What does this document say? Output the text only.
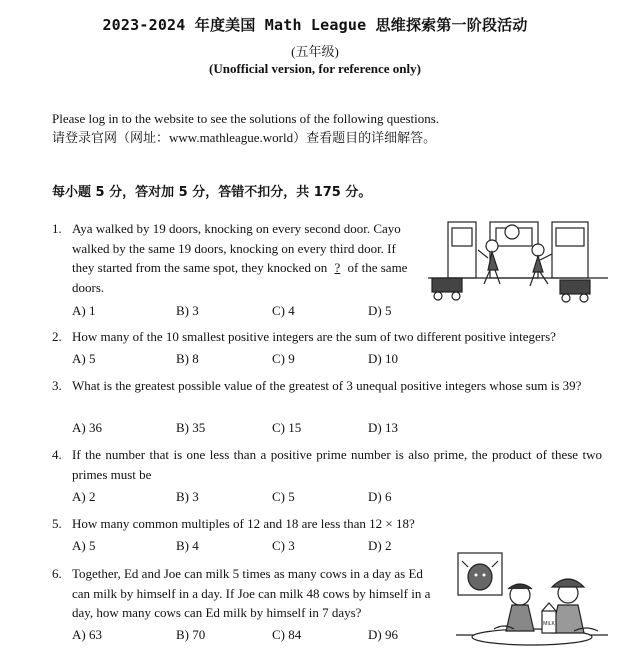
2023-2024 年度美国 Math League 思维探索第一阶段活动
(五年级)
(Unofficial version, for reference only)
Please log in to the website to see the solutions of the following questions.
请登录官网（网址：www.mathleague.world）查看题目的详细解答。
每小题 5 分，答对加 5 分，答错不扣分，共 175 分。
1. Aya walked by 19 doors, knocking on every second door. Cayo walked by the same 19 doors, knocking on every third door. If they started from the same spot, they knocked on ? of the same doors.
A) 1	B) 3	C) 4	D) 5
2. How many of the 10 smallest positive integers are the sum of two different positive integers?
A) 5	B) 8	C) 9	D) 10
3. What is the greatest possible value of the greatest of 3 unequal positive integers whose sum is 39?
A) 36	B) 35	C) 15	D) 13
4. If the number that is one less than a positive prime number is also prime, the product of these two primes must be
A) 2	B) 3	C) 5	D) 6
5. How many common multiples of 12 and 18 are less than 12 × 18?
A) 5	B) 4	C) 3	D) 2
6. Together, Ed and Joe can milk 5 times as many cows in a day as Ed can milk by himself in a day. If Joe can milk 48 cows by himself in a day, how many cows can Ed milk by himself in 7 days?
A) 63	B) 70	C) 84	D) 96
MILK
